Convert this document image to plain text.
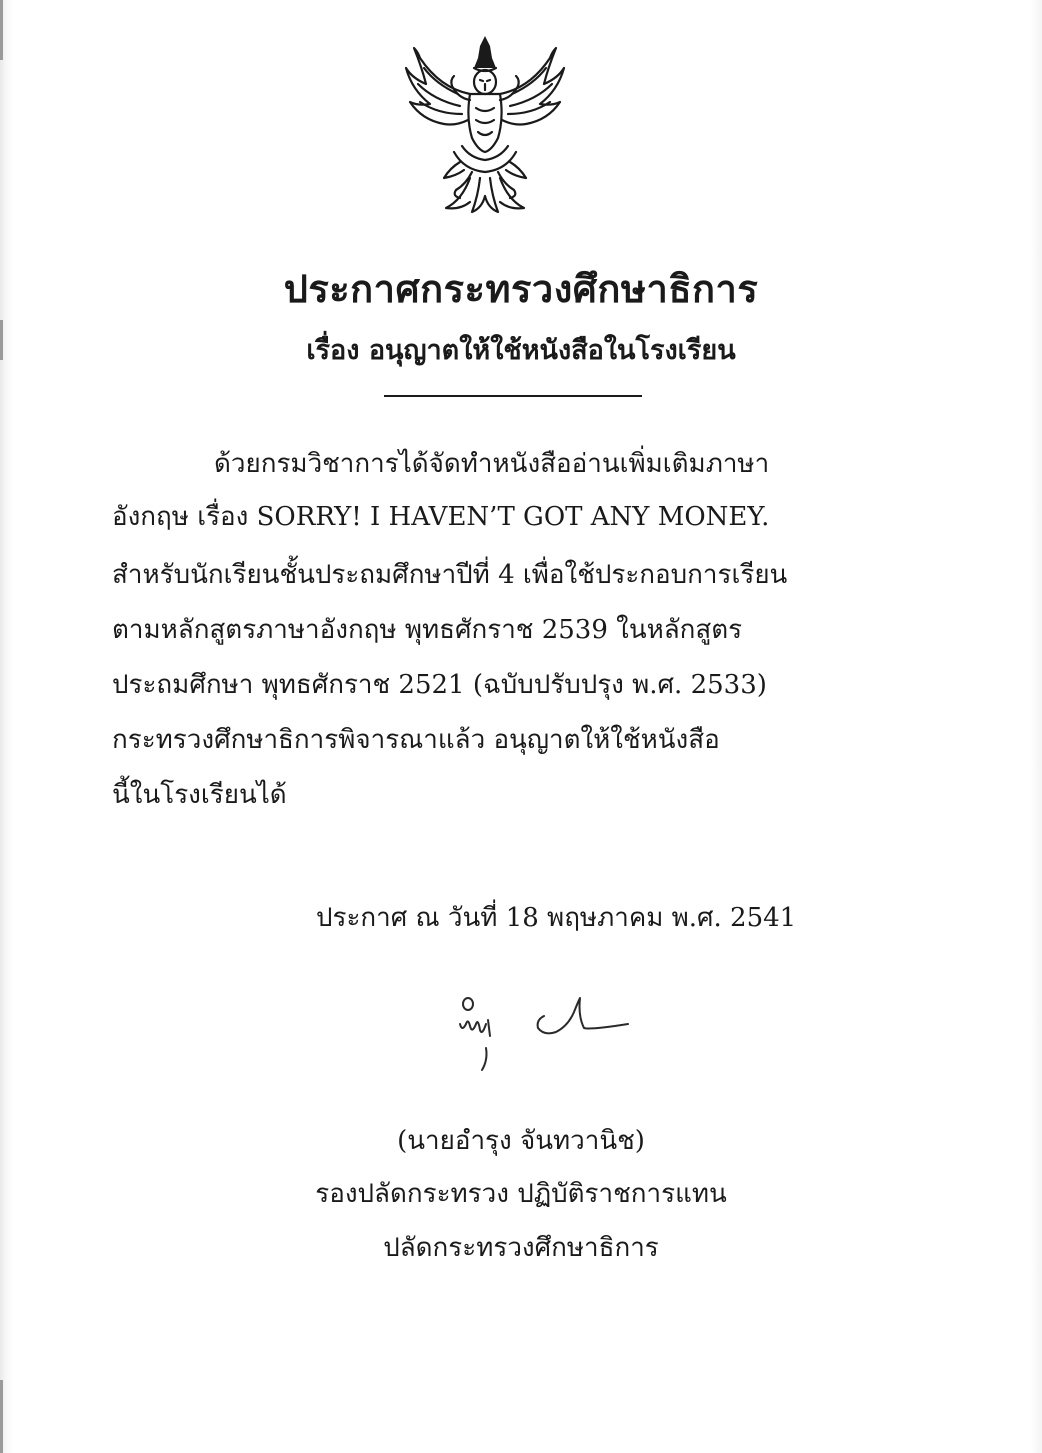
ประกาศกระทรวงศึกษาธิการ
เรื่อง อนุญาตให้ใช้หนังสือในโรงเรียน
ด้วยกรมวิชาการได้จัดทำหนังสืออ่านเพิ่มเติมภาษา
อังกฤษ เรื่อง SORRY! I HAVEN’T GOT ANY MONEY.
สำหรับนักเรียนชั้นประถมศึกษาปีที่ 4 เพื่อใช้ประกอบการเรียน
ตามหลักสูตรภาษาอังกฤษ พุทธศักราช 2539 ในหลักสูตร
ประถมศึกษา พุทธศักราช 2521 (ฉบับปรับปรุง พ.ศ. 2533)
กระทรวงศึกษาธิการพิจารณาแล้ว อนุญาตให้ใช้หนังสือ
นี้ในโรงเรียนได้
ประกาศ ณ วันที่ 18 พฤษภาคม พ.ศ. 2541
(นายอำรุง จันทวานิช)
รองปลัดกระทรวง ปฏิบัติราชการแทน
ปลัดกระทรวงศึกษาธิการ
